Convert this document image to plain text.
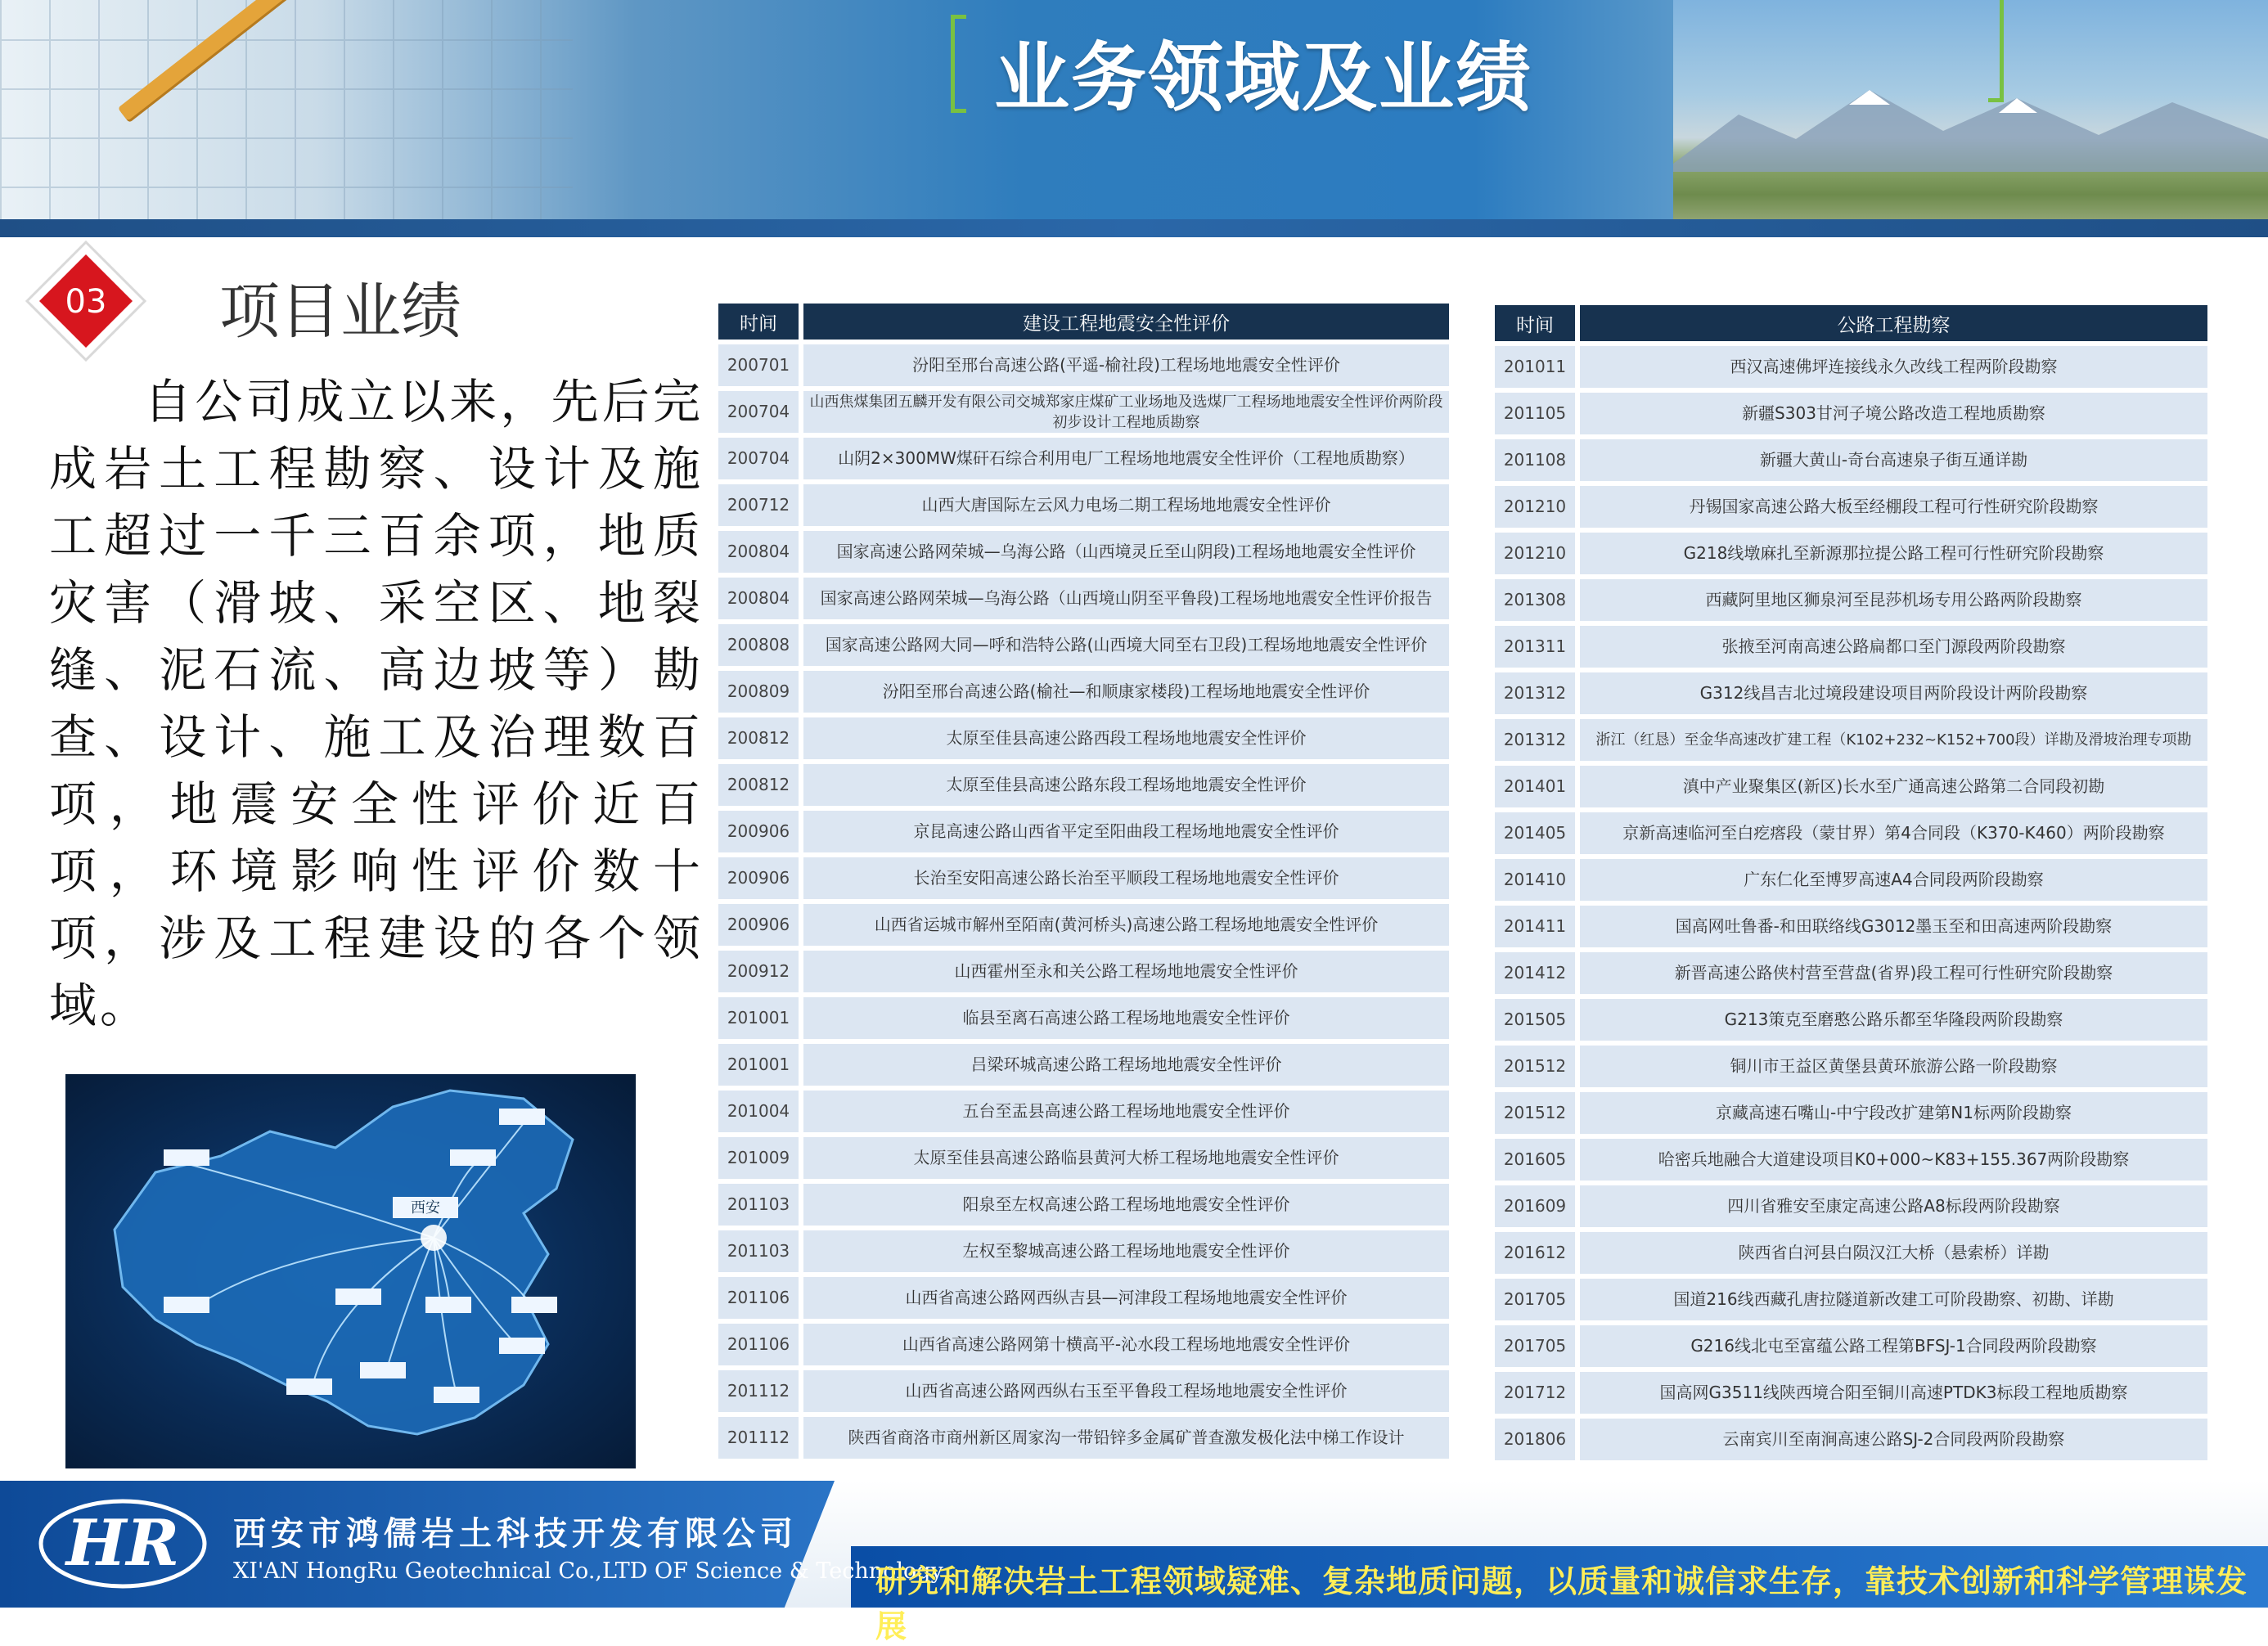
业务领域及业绩
03 项目业绩
自公司成立以来，先后完成岩土工程勘察、设计及施工超过一千三百余项，地质灾害（滑坡、采空区、地裂缝、泥石流、高边坡等）勘查、设计、施工及治理数百项，地震安全性评价近百项，环境影响性评价数十项，涉及工程建设的各个领域。
西安
时间	建设工程地震安全性评价
200701	汾阳至邢台高速公路(平遥-榆社段)工程场地地震安全性评价
200704	山西焦煤集团五麟开发有限公司交城郑家庄煤矿工业场地及选煤厂工程场地地震安全性评价两阶段初步设计工程地质勘察
200704	山阴2×300MW煤矸石综合利用电厂工程场地地震安全性评价（工程地质勘察）
200712	山西大唐国际左云风力电场二期工程场地地震安全性评价
200804	国家高速公路网荣城—乌海公路（山西境灵丘至山阴段)工程场地地震安全性评价
200804	国家高速公路网荣城—乌海公路（山西境山阴至平鲁段)工程场地地震安全性评价报告
200808	国家高速公路网大同—呼和浩特公路(山西境大同至右卫段)工程场地地震安全性评价
200809	汾阳至邢台高速公路(榆社—和顺康家楼段)工程场地地震安全性评价
200812	太原至佳县高速公路西段工程场地地震安全性评价
200812	太原至佳县高速公路东段工程场地地震安全性评价
200906	京昆高速公路山西省平定至阳曲段工程场地地震安全性评价
200906	长治至安阳高速公路长治至平顺段工程场地地震安全性评价
200906	山西省运城市解州至陌南(黄河桥头)高速公路工程场地地震安全性评价
200912	山西霍州至永和关公路工程场地地震安全性评价
201001	临县至离石高速公路工程场地地震安全性评价
201001	吕梁环城高速公路工程场地地震安全性评价
201004	五台至盂县高速公路工程场地地震安全性评价
201009	太原至佳县高速公路临县黄河大桥工程场地地震安全性评价
201103	阳泉至左权高速公路工程场地地震安全性评价
201103	左权至黎城高速公路工程场地地震安全性评价
201106	山西省高速公路网西纵吉县—河津段工程场地地震安全性评价
201106	山西省高速公路网第十横高平-沁水段工程场地地震安全性评价
201112	山西省高速公路网西纵右玉至平鲁段工程场地地震安全性评价
201112	陕西省商洛市商州新区周家沟一带铅锌多金属矿普查激发极化法中梯工作设计
时间	公路工程勘察
201011	西汉高速佛坪连接线永久改线工程两阶段勘察
201105	新疆S303甘河子境公路改造工程地质勘察
201108	新疆大黄山-奇台高速泉子街互通详勘
201210	丹锡国家高速公路大板至经棚段工程可行性研究阶段勘察
201210	G218线墩麻扎至新源那拉提公路工程可行性研究阶段勘察
201308	西藏阿里地区狮泉河至昆莎机场专用公路两阶段勘察
201311	张掖至河南高速公路扁都口至门源段两阶段勘察
201312	G312线昌吉北过境段建设项目两阶段设计两阶段勘察
201312	浙江（红恳）至金华高速改扩建工程（K102+232~K152+700段）详勘及滑坡治理专项勘
201401	滇中产业聚集区(新区)长水至广通高速公路第二合同段初勘
201405	京新高速临河至白疙瘩段（蒙甘界）第4合同段（K370-K460）两阶段勘察
201410	广东仁化至博罗高速A4合同段两阶段勘察
201411	国高网吐鲁番-和田联络线G3012墨玉至和田高速两阶段勘察
201412	新晋高速公路侠村营至营盘(省界)段工程可行性研究阶段勘察
201505	G213策克至磨憨公路乐都至华隆段两阶段勘察
201512	铜川市王益区黄堡县黄环旅游公路一阶段勘察
201512	京藏高速石嘴山-中宁段改扩建第N1标两阶段勘察
201605	哈密兵地融合大道建设项目K0+000~K83+155.367两阶段勘察
201609	四川省雅安至康定高速公路A8标段两阶段勘察
201612	陕西省白河县白陨汉江大桥（悬索桥）详勘
201705	国道216线西藏孔唐拉隧道新改建工可阶段勘察、初勘、详勘
201705	G216线北屯至富蕴公路工程第BFSJ-1合同段两阶段勘察
201712	国高网G3511线陕西境合阳至铜川高速PTDK3标段工程地质勘察
201806	云南宾川至南涧高速公路SJ-2合同段两阶段勘察
HR 西安市鸿儒岩土科技开发有限公司
XI'AN HongRu Geotechnical Co.,LTD OF Science & Technology
研究和解决岩土工程领域疑难、复杂地质问题，以质量和诚信求生存，靠技术创新和科学管理谋发展
